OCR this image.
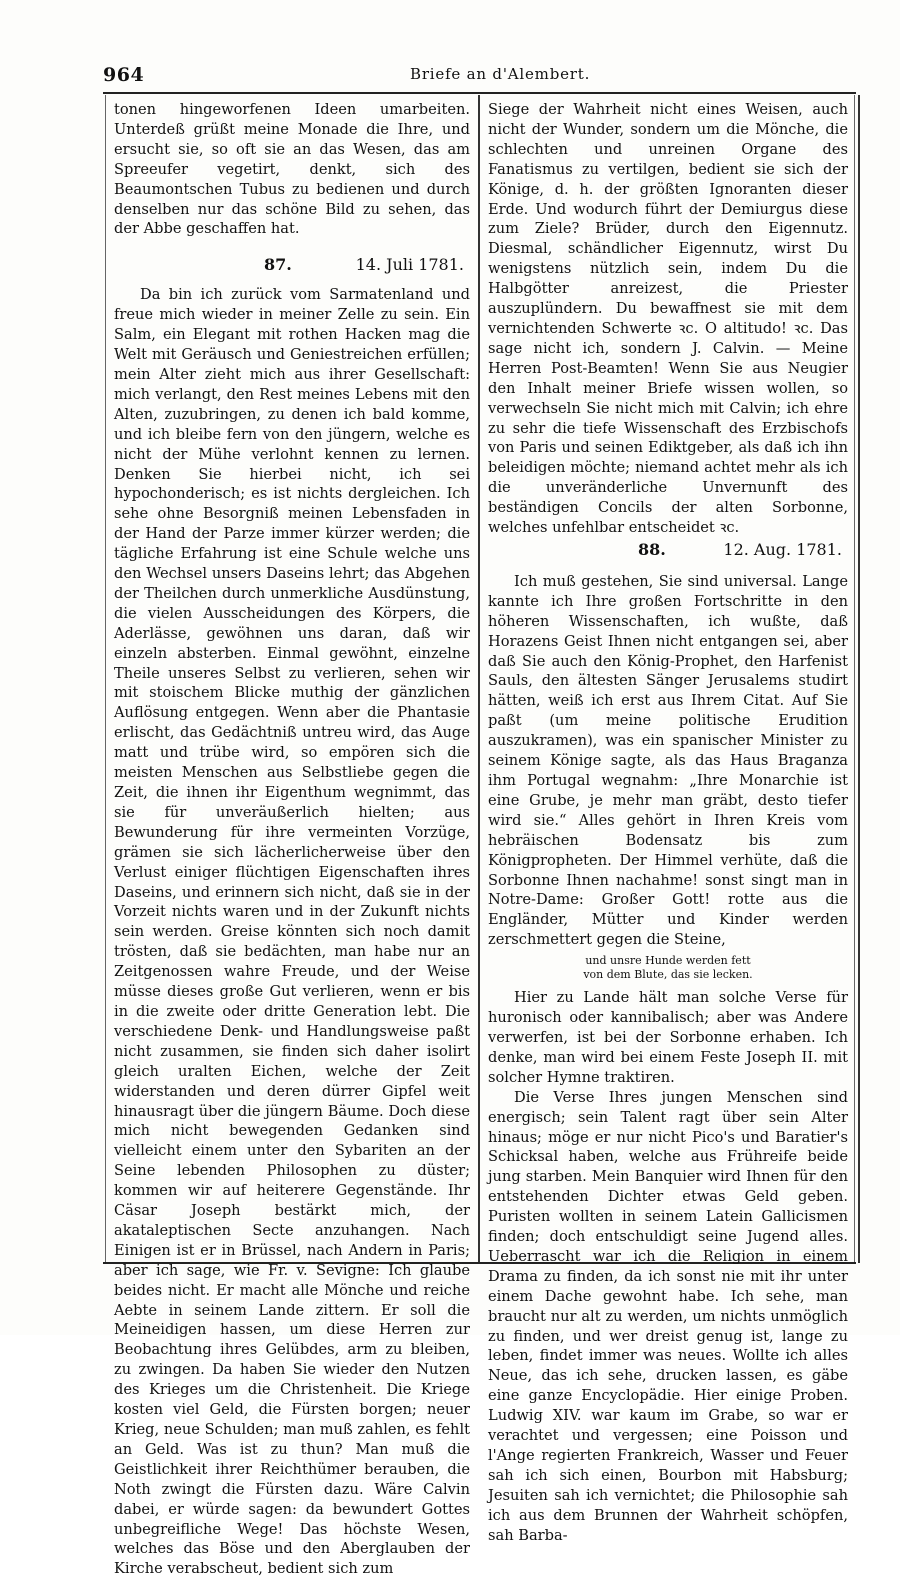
964	Briefe an d'Alembert.

tonen hingeworfenen Ideen umarbeiten. Unterdeß grüßt meine Monade die Ihre, und ersucht sie, so oft sie an das Wesen, das am Spreeufer vegetirt, denkt, sich des Beaumontschen Tubus zu bedienen und durch denselben nur das schöne Bild zu sehen, das der Abbe geschaffen hat.

87.	14. Juli 1781.

Da bin ich zurück vom Sarmatenland und freue mich wieder in meiner Zelle zu sein. Ein Salm, ein Elegant mit rothen Hacken mag die Welt mit Geräusch und Geniestreichen erfüllen; mein Alter zieht mich aus ihrer Gesellschaft: mich verlangt, den Rest meines Lebens mit den Alten, zuzubringen, zu denen ich bald komme, und ich bleibe fern von den jüngern, welche es nicht der Mühe verlohnt kennen zu lernen. Denken Sie hierbei nicht, ich sei hypochonderisch; es ist nichts dergleichen. Ich sehe ohne Besorgniß meinen Lebensfaden in der Hand der Parze immer kürzer werden; die tägliche Erfahrung ist eine Schule welche uns den Wechsel unsers Daseins lehrt; das Abgehen der Theilchen durch unmerkliche Ausdünstung, die vielen Ausscheidungen des Körpers, die Aderlässe, gewöhnen uns daran, daß wir einzeln absterben. Einmal gewöhnt, einzelne Theile unseres Selbst zu verlieren, sehen wir mit stoischem Blicke muthig der gänzlichen Auflösung entgegen. Wenn aber die Phantasie erlischt, das Gedächtniß untreu wird, das Auge matt und trübe wird, so empören sich die meisten Menschen aus Selbstliebe gegen die Zeit, die ihnen ihr Eigenthum wegnimmt, das sie für unveräußerlich hielten; aus Bewunderung für ihre vermeinten Vorzüge, grämen sie sich lächerlicherweise über den Verlust einiger flüchtigen Eigenschaften ihres Daseins, und erinnern sich nicht, daß sie in der Vorzeit nichts waren und in der Zukunft nichts sein werden. Greise könnten sich noch damit trösten, daß sie bedächten, man habe nur an Zeitgenossen wahre Freude, und der Weise müsse dieses große Gut verlieren, wenn er bis in die zweite oder dritte Generation lebt. Die verschiedene Denk- und Handlungsweise paßt nicht zusammen, sie finden sich daher isolirt gleich uralten Eichen, welche der Zeit widerstanden und deren dürrer Gipfel weit hinausragt über die jüngern Bäume. Doch diese mich nicht bewegenden Gedanken sind vielleicht einem unter den Sybariten an der Seine lebenden Philosophen zu düster; kommen wir auf heiterere Gegenstände. Ihr Cäsar Joseph bestärkt mich, der akataleptischen Secte anzuhangen. Nach Einigen ist er in Brüssel, nach Andern in Paris; aber ich sage, wie Fr. v. Sevigne: Ich glaube beides nicht. Er macht alle Mönche und reiche Aebte in seinem Lande zittern. Er soll die Meineidigen hassen, um diese Herren zur Beobachtung ihres Gelübdes, arm zu bleiben, zu zwingen. Da haben Sie wieder den Nutzen des Krieges um die Christenheit. Die Kriege kosten viel Geld, die Fürsten borgen; neuer Krieg, neue Schulden; man muß zahlen, es fehlt an Geld. Was ist zu thun? Man muß die Geistlichkeit ihrer Reichthümer berauben, die Noth zwingt die Fürsten dazu. Wäre Calvin dabei, er würde sagen: da bewundert Gottes unbegreifliche Wege! Das höchste Wesen, welches das Böse und den Aberglauben der Kirche verabscheut, bedient sich zum

Siege der Wahrheit nicht eines Weisen, auch nicht der Wunder, sondern um die Mönche, die schlechten und unreinen Organe des Fanatismus zu vertilgen, bedient sie sich der Könige, d. h. der größten Ignoranten dieser Erde. Und wodurch führt der Demiurgus diese zum Ziele? Brüder, durch den Eigennutz. Diesmal, schändlicher Eigennutz, wirst Du wenigstens nützlich sein, indem Du die Halbgötter anreizest, die Priester auszuplündern. Du bewaffnest sie mit dem vernichtenden Schwerte ꝛc. O altitudo! ꝛc. Das sage nicht ich, sondern J. Calvin. — Meine Herren Post-Beamten! Wenn Sie aus Neugier den Inhalt meiner Briefe wissen wollen, so verwechseln Sie nicht mich mit Calvin; ich ehre zu sehr die tiefe Wissenschaft des Erzbischofs von Paris und seinen Ediktgeber, als daß ich ihn beleidigen möchte; niemand achtet mehr als ich die unveränderliche Unvernunft des beständigen Concils der alten Sorbonne, welches unfehlbar entscheidet ꝛc.

88.	12. Aug. 1781.

Ich muß gestehen, Sie sind universal. Lange kannte ich Ihre großen Fortschritte in den höheren Wissenschaften, ich wußte, daß Horazens Geist Ihnen nicht entgangen sei, aber daß Sie auch den König-Prophet, den Harfenist Sauls, den ältesten Sänger Jerusalems studirt hätten, weiß ich erst aus Ihrem Citat. Auf Sie paßt (um meine politische Erudition auszukramen), was ein spanischer Minister zu seinem Könige sagte, als das Haus Braganza ihm Portugal wegnahm: „Ihre Monarchie ist eine Grube, je mehr man gräbt, desto tiefer wird sie.“ Alles gehört in Ihren Kreis vom hebräischen Bodensatz bis zum Königpropheten. Der Himmel verhüte, daß die Sorbonne Ihnen nachahme! sonst singt man in Notre-Dame: Großer Gott! rotte aus die Engländer, Mütter und Kinder werden zerschmettert gegen die Steine,

und unsre Hunde werden fett
von dem Blute, das sie lecken.

Hier zu Lande hält man solche Verse für huronisch oder kannibalisch; aber was Andere verwerfen, ist bei der Sorbonne erhaben. Ich denke, man wird bei einem Feste Joseph II. mit solcher Hymne traktiren.

Die Verse Ihres jungen Menschen sind energisch; sein Talent ragt über sein Alter hinaus; möge er nur nicht Pico's und Baratier's Schicksal haben, welche aus Frühreife beide jung starben. Mein Banquier wird Ihnen für den entstehenden Dichter etwas Geld geben. Puristen wollten in seinem Latein Gallicismen finden; doch entschuldigt seine Jugend alles. Ueberrascht war ich die Religion in einem Drama zu finden, da ich sonst nie mit ihr unter einem Dache gewohnt habe. Ich sehe, man braucht nur alt zu werden, um nichts unmöglich zu finden, und wer dreist genug ist, lange zu leben, findet immer was neues. Wollte ich alles Neue, das ich sehe, drucken lassen, es gäbe eine ganze Encyclopädie. Hier einige Proben. Ludwig XIV. war kaum im Grabe, so war er verachtet und vergessen; eine Poisson und l'Ange regierten Frankreich, Wasser und Feuer sah ich sich einen, Bourbon mit Habsburg; Jesuiten sah ich vernichtet; die Philosophie sah ich aus dem Brunnen der Wahrheit schöpfen, sah Barba-
